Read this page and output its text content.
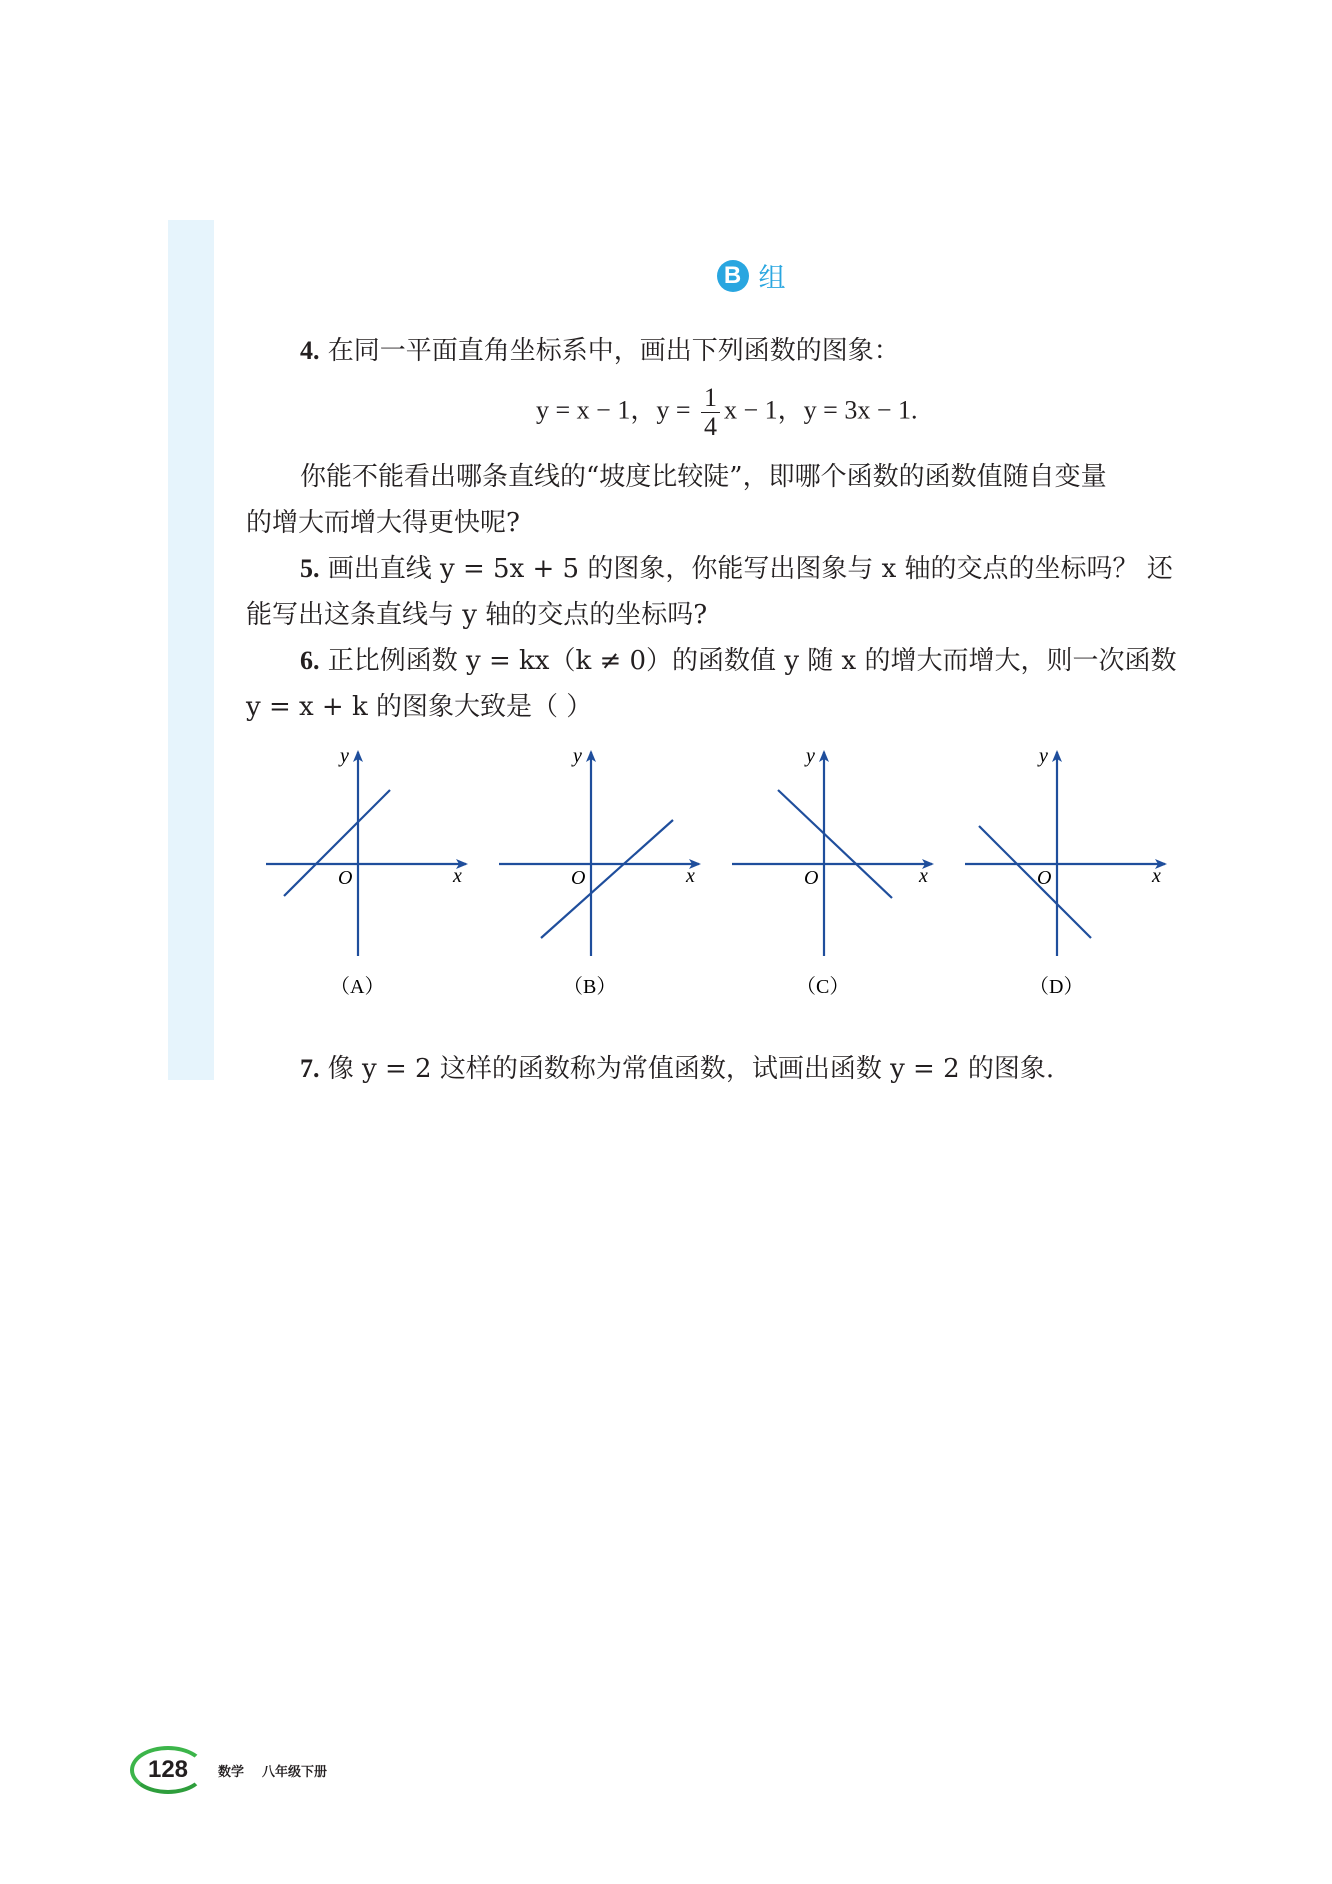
B 组
4. 在同一平面直角坐标系中，画出下列函数的图象：
y = x − 1，$y = \frac{1}{4}$ x − 1，y = 3x − 1.
你能不能看出哪条直线的“坡度比较陡”，即哪个函数的函数值随自变量
的增大而增大得更快呢?
5. 画出直线 y = 5x + 5 的图象，你能写出图象与 x 轴的交点的坐标吗？ 还
能写出这条直线与 y 轴的交点的坐标吗?
6. 正比例函数 y = kx（k ≠ 0）的函数值 y 随 x 的增大而增大，则一次函数
y = x + k 的图象大致是（ ）
O	x
y
（A）
O	x
y
（B）
O	x
y
（C）
O	x
y
（D）
7. 像 y = 2 这样的函数称为常值函数，试画出函数 y = 2 的图象.
128	数学 八年级下册
